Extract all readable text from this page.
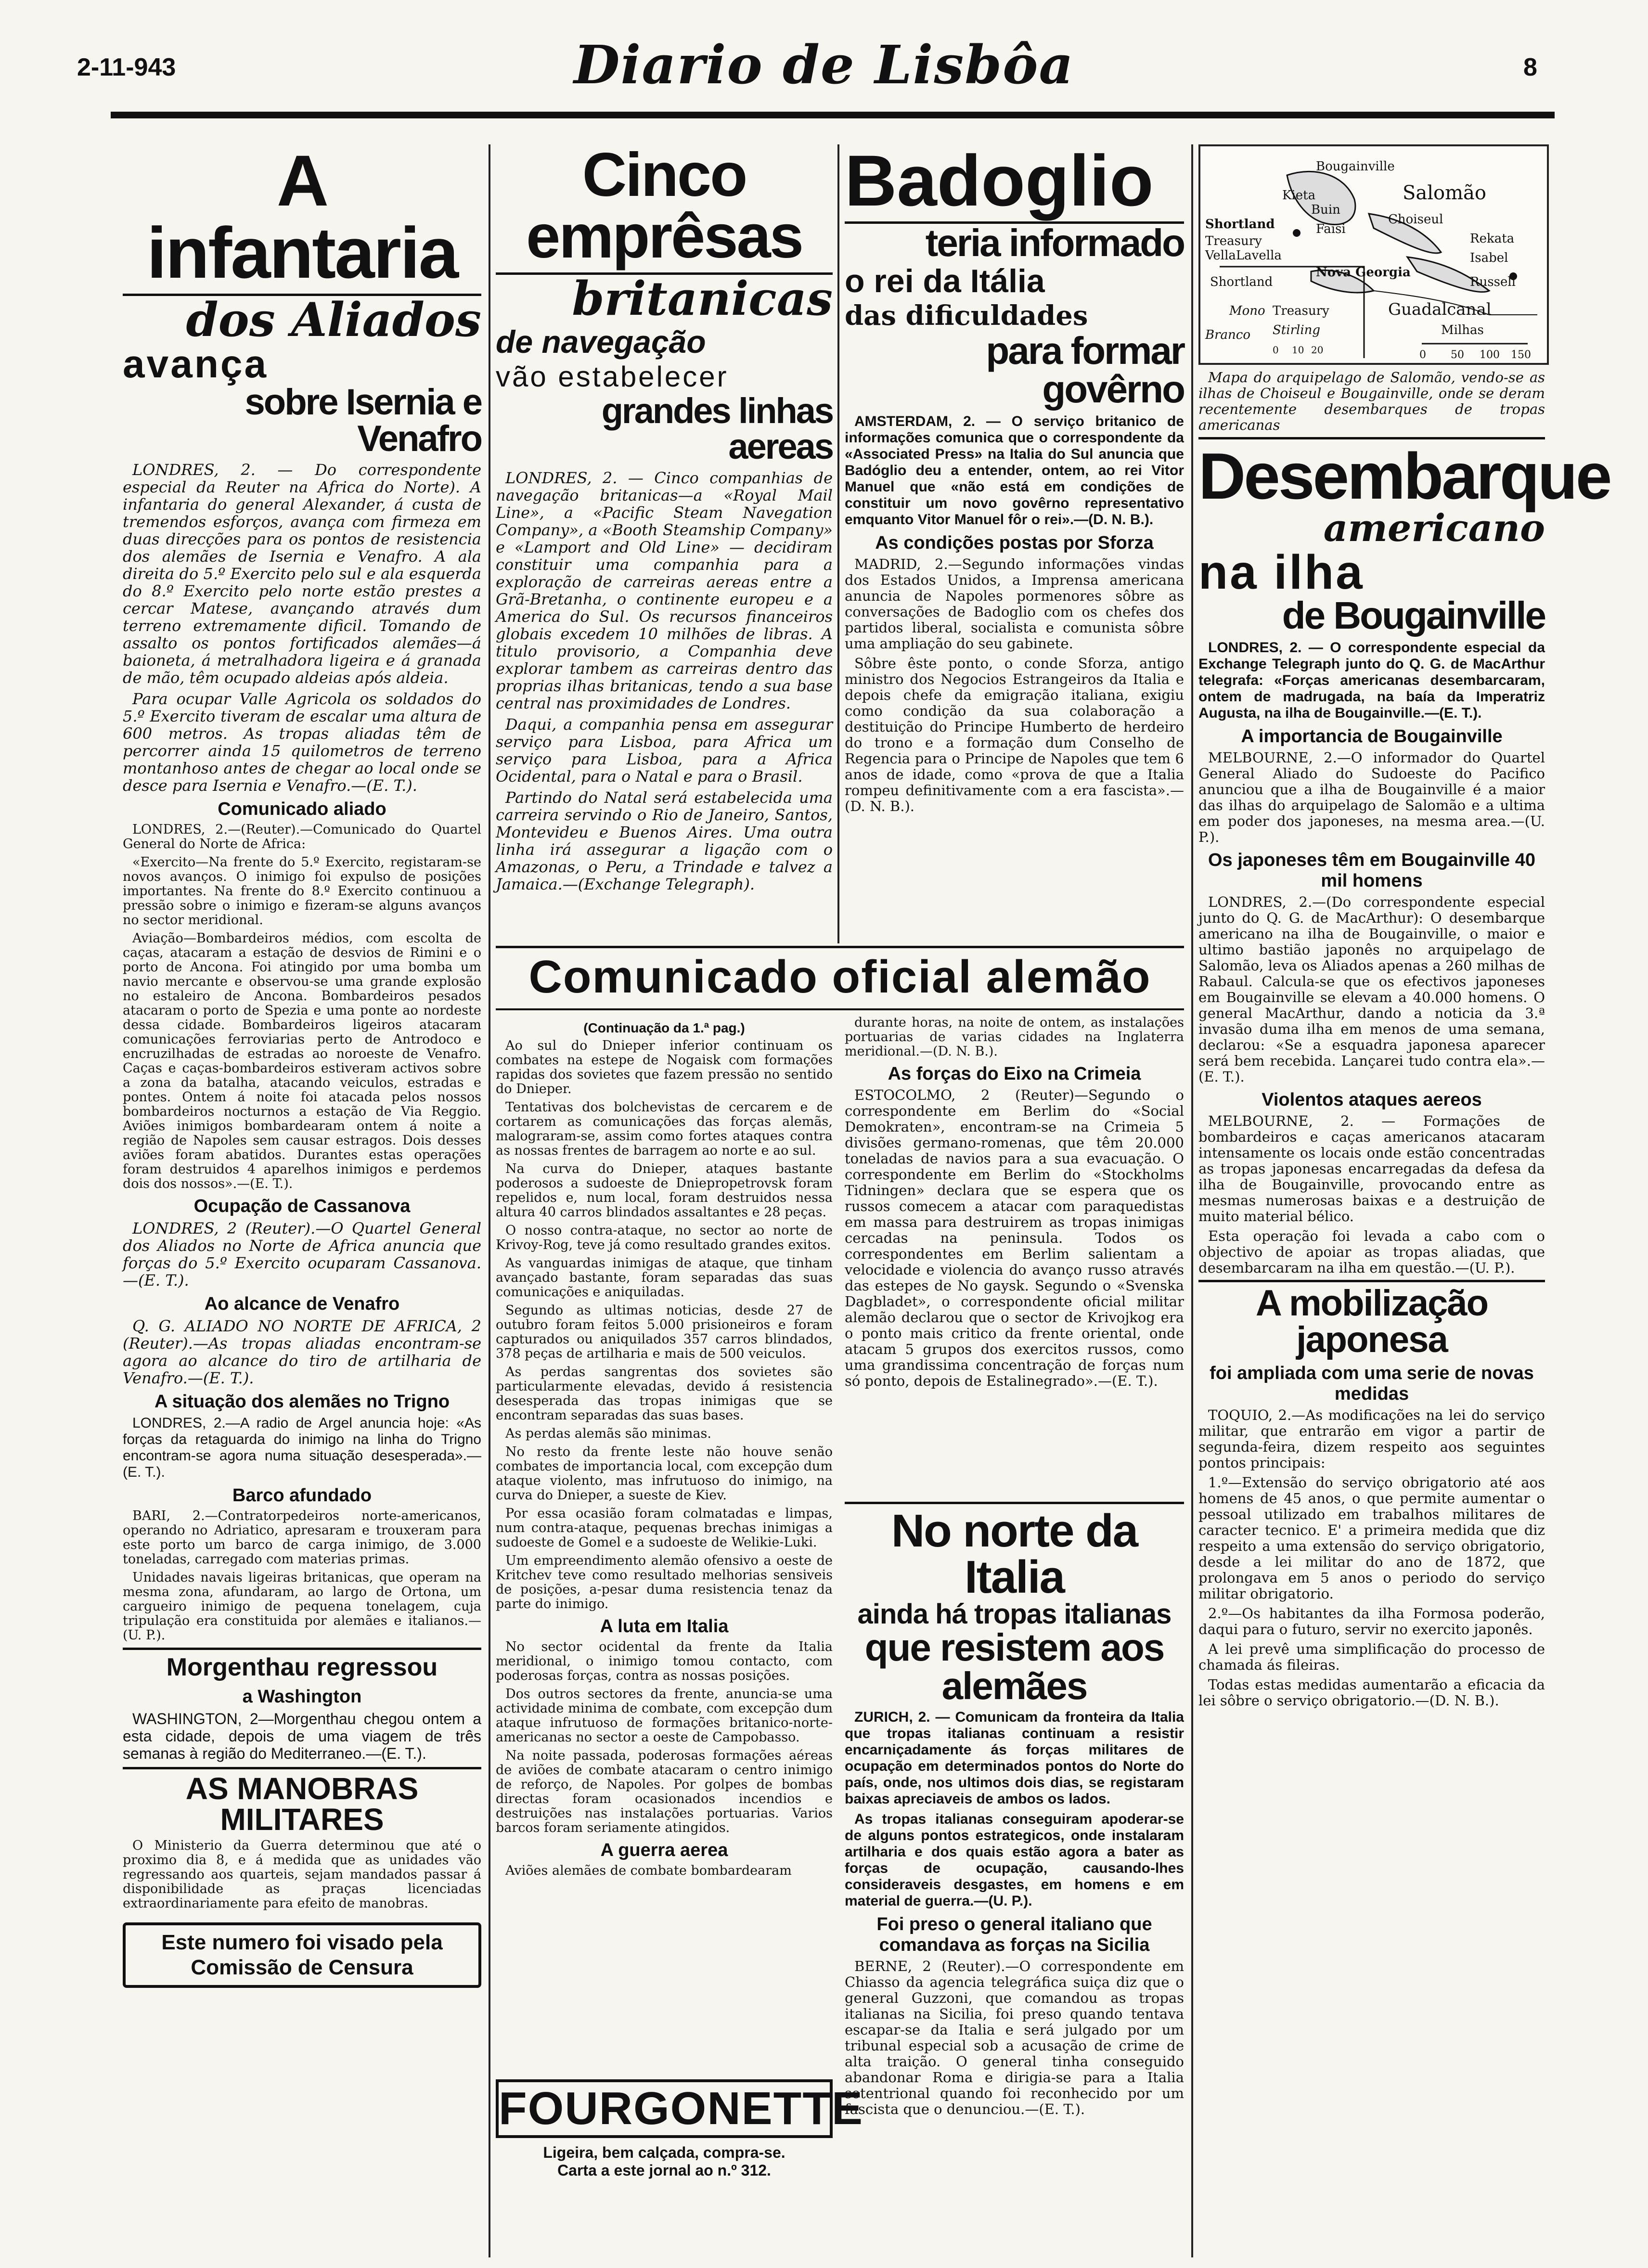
2-11-943	Diario de Lisbôa	8
A infantaria
dos Aliados
avança
sobre Isernia e Venafro

LONDRES, 2. — Do correspondente especial da Reuter na Africa do Norte). A infantaria do general Alexander, á custa de tremendos esforços, avança com firmeza em duas direcções para os pontos de resistencia dos alemães de Isernia e Venafro. A ala direita do 5.º Exercito pelo sul e ala esquerda do 8.º Exercito pelo norte estão prestes a cercar Matese, avançando através dum terreno extremamente dificil. Tomando de assalto os pontos fortificados alemães—á baioneta, á metralhadora ligeira e á granada de mão, têm ocupado aldeias após aldeia.

Para ocupar Valle Agricola os soldados do 5.º Exercito tiveram de escalar uma altura de 600 metros. As tropas aliadas têm de percorrer ainda 15 quilometros de terreno montanhoso antes de chegar ao local onde se desce para Isernia e Venafro.—(E. T.).

Comunicado aliado

LONDRES, 2.—(Reuter).—Comunicado do Quartel General do Norte de Africa:

«Exercito—Na frente do 5.º Exercito, registaram-se novos avanços. O inimigo foi expulso de posições importantes. Na frente do 8.º Exercito continuou a pressão sobre o inimigo e fizeram-se alguns avanços no sector meridional.

Aviação—Bombardeiros médios, com escolta de caças, atacaram a estação de desvios de Rimini e o porto de Ancona. Foi atingido por uma bomba um navio mercante e observou-se uma grande explosão no estaleiro de Ancona. Bombardeiros pesados atacaram o porto de Spezia e uma ponte ao nordeste dessa cidade. Bombardeiros ligeiros atacaram comunicações ferroviarias perto de Antrodoco e encruzilhadas de estradas ao noroeste de Venafro. Caças e caças-bombardeiros estiveram activos sobre a zona da batalha, atacando veiculos, estradas e pontes. Ontem á noite foi atacada pelos nossos bombardeiros nocturnos a estação de Via Reggio. Aviões inimigos bombardearam ontem á noite a região de Napoles sem causar estragos. Dois desses aviões foram abatidos. Durantes estas operações foram destruidos 4 aparelhos inimigos e perdemos dois dos nossos».—(E. T.).

Ocupação de Cassanova

LONDRES, 2 (Reuter).—O Quartel General dos Aliados no Norte de Africa anuncia que forças do 5.º Exercito ocuparam Cassanova.—(E. T.).

Ao alcance de Venafro

Q. G. ALIADO NO NORTE DE AFRICA, 2 (Reuter).—As tropas aliadas encontram-se agora ao alcance do tiro de artilharia de Venafro.—(E. T.).

A situação dos alemães no Trigno

LONDRES, 2.—A radio de Argel anuncia hoje: «As forças da retaguarda do inimigo na linha do Trigno encontram-se agora numa situação desesperada».—(E. T.).

Barco afundado

BARI, 2.—Contratorpedeiros norte-americanos, operando no Adriatico, apresaram e trouxeram para este porto um barco de carga inimigo, de 3.000 toneladas, carregado com materias primas.

Unidades navais ligeiras britanicas, que operam na mesma zona, afundaram, ao largo de Ortona, um cargueiro inimigo de pequena tonelagem, cuja tripulação era constituida por alemães e italianos.—(U. P.).

Morgenthau regressou
a Washington

WASHINGTON, 2—Morgenthau chegou ontem a esta cidade, depois de uma viagem de três semanas à região do Mediterraneo.—(E. T.).

AS MANOBRAS MILITARES

O Ministerio da Guerra determinou que até o proximo dia 8, e á medida que as unidades vão regressando aos quarteis, sejam mandados passar á disponibilidade as praças licenciadas extraordinariamente para efeito de manobras.

Este numero foi visado pela Comissão de Censura
Cinco emprêsas
britanicas
de navegação
vão estabelecer
grandes linhas aereas

LONDRES, 2. — Cinco companhias de navegação britanicas—a «Royal Mail Line», a «Pacific Steam Navegation Company», a «Booth Steamship Company» e «Lamport and Old Line» — decidiram constituir uma companhia para a exploração de carreiras aereas entre a Grã-Bretanha, o continente europeu e a America do Sul. Os recursos financeiros globais excedem 10 milhões de libras. A titulo provisorio, a Companhia deve explorar tambem as carreiras dentro das proprias ilhas britanicas, tendo a sua base central nas proximidades de Londres.

Daqui, a companhia pensa em assegurar serviço para Lisboa, para Africa um serviço para Lisboa, para a Africa Ocidental, para o Natal e para o Brasil.

Partindo do Natal será estabelecida uma carreira servindo o Rio de Janeiro, Santos, Montevideu e Buenos Aires. Uma outra linha irá assegurar a ligação com o Amazonas, o Peru, a Trindade e talvez a Jamaica.—(Exchange Telegraph).

Badoglio
teria informado
o rei da Itália
das dificuldades
para formar govêrno

AMSTERDAM, 2. — O serviço britanico de informações comunica que o correspondente da «Associated Press» na Italia do Sul anuncia que Badóglio deu a entender, ontem, ao rei Vitor Manuel que «não está em condições de constituir um novo govêrno representativo emquanto Vitor Manuel fôr o rei».—(D. N. B.).

As condições postas por Sforza

MADRID, 2.—Segundo informações vindas dos Estados Unidos, a Imprensa americana anuncia de Napoles pormenores sôbre as conversações de Badoglio com os chefes dos partidos liberal, socialista e comunista sôbre uma ampliação do seu gabinete.

Sôbre êste ponto, o conde Sforza, antigo ministro dos Negocios Estrangeiros da Italia e depois chefe da emigração italiana, exigiu como condição da sua colaboração a destituição do Principe Humberto de herdeiro do trono e a formação dum Conselho de Regencia para o Principe de Napoles que tem 6 anos de idade, como «prova de que a Italia rompeu definitivamente com a era fascista».—(D. N. B.).

Comunicado oficial alemão
(Continuação da 1.ª pag.)

Ao sul do Dnieper inferior continuam os combates na estepe de Nogaisk com formações rapidas dos sovietes que fazem pressão no sentido do Dnieper.

Tentativas dos bolchevistas de cercarem e de cortarem as comunicações das forças alemãs, malograram-se, assim como fortes ataques contra as nossas frentes de barragem ao norte e ao sul.

Na curva do Dnieper, ataques bastante poderosos a sudoeste de Dniepropetrovsk foram repelidos e, num local, foram destruidos nessa altura 40 carros blindados assaltantes e 28 peças.

O nosso contra-ataque, no sector ao norte de Krivoy-Rog, teve já como resultado grandes exitos.

As vanguardas inimigas de ataque, que tinham avançado bastante, foram separadas das suas comunicações e aniquiladas.

Segundo as ultimas noticias, desde 27 de outubro foram feitos 5.000 prisioneiros e foram capturados ou aniquilados 357 carros blindados, 378 peças de artilharia e mais de 500 veiculos.

As perdas sangrentas dos sovietes são particularmente elevadas, devido á resistencia desesperada das tropas inimigas que se encontram separadas das suas bases.

As perdas alemãs são minimas.

No resto da frente leste não houve senão combates de importancia local, com excepção dum ataque violento, mas infrutuoso do inimigo, na curva do Dnieper, a sueste de Kiev.

Por essa ocasião foram colmatadas e limpas, num contra-ataque, pequenas brechas inimigas a sudoeste de Gomel e a sudoeste de Welikie-Luki.

Um empreendimento alemão ofensivo a oeste de Kritchev teve como resultado melhorias sensiveis de posições, a-pesar duma resistencia tenaz da parte do inimigo.

A luta em Italia

No sector ocidental da frente da Italia meridional, o inimigo tomou contacto, com poderosas forças, contra as nossas posições.

Dos outros sectores da frente, anuncia-se uma actividade minima de combate, com excepção dum ataque infrutuoso de formações britanico-norte-americanas no sector a oeste de Campobasso.

Na noite passada, poderosas formações aéreas de aviões de combate atacaram o centro inimigo de reforço, de Napoles. Por golpes de bombas directas foram ocasionados incendios e destruições nas instalações portuarias. Varios barcos foram seriamente atingidos.

A guerra aerea

Aviões alemães de combate bombardearam

durante horas, na noite de ontem, as instalações portuarias de varias cidades na Inglaterra meridional.—(D. N. B.).

As forças do Eixo na Crimeia

ESTOCOLMO, 2 (Reuter)—Segundo o correspondente em Berlim do «Social Demokraten», encontram-se na Crimeia 5 divisões germano-romenas, que têm 20.000 toneladas de navios para a sua evacuação. O correspondente em Berlim do «Stockholms Tidningen» declara que se espera que os russos comecem a atacar com paraquedistas em massa para destruirem as tropas inimigas cercadas na peninsula. Todos os correspondentes em Berlim salientam a velocidade e violencia do avanço russo através das estepes de No gaysk. Segundo o «Svenska Dagbladet», o correspondente oficial militar alemão declarou que o sector de Krivojkog era o ponto mais critico da frente oriental, onde atacam 5 grupos dos exercitos russos, como uma grandissima concentração de forças num só ponto, depois de Estalinegrado».—(E. T.).

No norte da Italia
ainda há tropas italianas
que resistem aos alemães

ZURICH, 2. — Comunicam da fronteira da Italia que tropas italianas continuam a resistir encarniçadamente ás forças militares de ocupação em determinados pontos do Norte do país, onde, nos ultimos dois dias, se registaram baixas apreciaveis de ambos os lados.

As tropas italianas conseguiram apoderar-se de alguns pontos estrategicos, onde instalaram artilharia e dos quais estão agora a bater as forças de ocupação, causando-lhes consideraveis desgastes, em homens e em material de guerra.—(U. P.).

Foi preso o general italiano que comandava as forças na Sicilia

BERNE, 2 (Reuter).—O correspondente em Chiasso da agencia telegráfica suiça diz que o general Guzzoni, que comandou as tropas italianas na Sicilia, foi preso quando tentava escapar-se da Italia e será julgado por um tribunal especial sob a acusação de crime de alta traição. O general tinha conseguido abandonar Roma e dirigia-se para a Italia setentrional quando foi reconhecido por um fascista que o denunciou.—(E. T.).

FOURGONETTE
Ligeira, bem calçada, compra-se.
Carta a este jornal ao n.º 312.
Bougainville
Kieta	Salomão
Buin
Choiseul
Shortland	Faisi
Treasury	Rekata
VellaLavella	Isabel
Nova Georgia
Russell
Shortland
Guadalcanal
Mono Treasury
Milhas
Stirling
Branco
0 50 100 150
0 10 20

Mapa do arquipelago de Salomão, vendo-se as ilhas de Choiseul e Bougainville, onde se deram recentemente desembarques de tropas americanas

Desembarque
americano
na ilha
de Bougainville

LONDRES, 2. — O correspondente especial da Exchange Telegraph junto do Q. G. de MacArthur telegrafa: «Forças americanas desembarcaram, ontem de madrugada, na baía da Imperatriz Augusta, na ilha de Bougainville.—(E. T.).

A importancia de Bougainville

MELBOURNE, 2.—O informador do Quartel General Aliado do Sudoeste do Pacifico anunciou que a ilha de Bougainville é a maior das ilhas do arquipelago de Salomão e a ultima em poder dos japoneses, na mesma area.—(U. P.).

Os japoneses têm em Bougainville 40 mil homens

LONDRES, 2.—(Do correspondente especial junto do Q. G. de MacArthur): O desembarque americano na ilha de Bougainville, o maior e ultimo bastião japonês no arquipelago de Salomão, leva os Aliados apenas a 260 milhas de Rabaul. Calcula-se que os efectivos japoneses em Bougainville se elevam a 40.000 homens. O general MacArthur, dando a noticia da 3.ª invasão duma ilha em menos de uma semana, declarou: «Se a esquadra japonesa aparecer será bem recebida. Lançarei tudo contra ela».—(E. T.).

Violentos ataques aereos

MELBOURNE, 2. — Formações de bombardeiros e caças americanos atacaram intensamente os locais onde estão concentradas as tropas japonesas encarregadas da defesa da ilha de Bougainville, provocando entre as mesmas numerosas baixas e a destruição de muito material bélico.

Esta operação foi levada a cabo com o objectivo de apoiar as tropas aliadas, que desembarcaram na ilha em questão.—(U. P.).

A mobilização japonesa
foi ampliada com uma serie de novas medidas

TOQUIO, 2.—As modificações na lei do serviço militar, que entrarão em vigor a partir de segunda-feira, dizem respeito aos seguintes pontos principais:

1.º—Extensão do serviço obrigatorio até aos homens de 45 anos, o que permite aumentar o pessoal utilizado em trabalhos militares de caracter tecnico. E' a primeira medida que diz respeito a uma extensão do serviço obrigatorio, desde a lei militar do ano de 1872, que prolongava em 5 anos o periodo do serviço militar obrigatorio.

2.º—Os habitantes da ilha Formosa poderão, daqui para o futuro, servir no exercito japonês.

A lei prevê uma simplificação do processo de chamada ás fileiras.

Todas estas medidas aumentarão a eficacia da lei sôbre o serviço obrigatorio.—(D. N. B.).
